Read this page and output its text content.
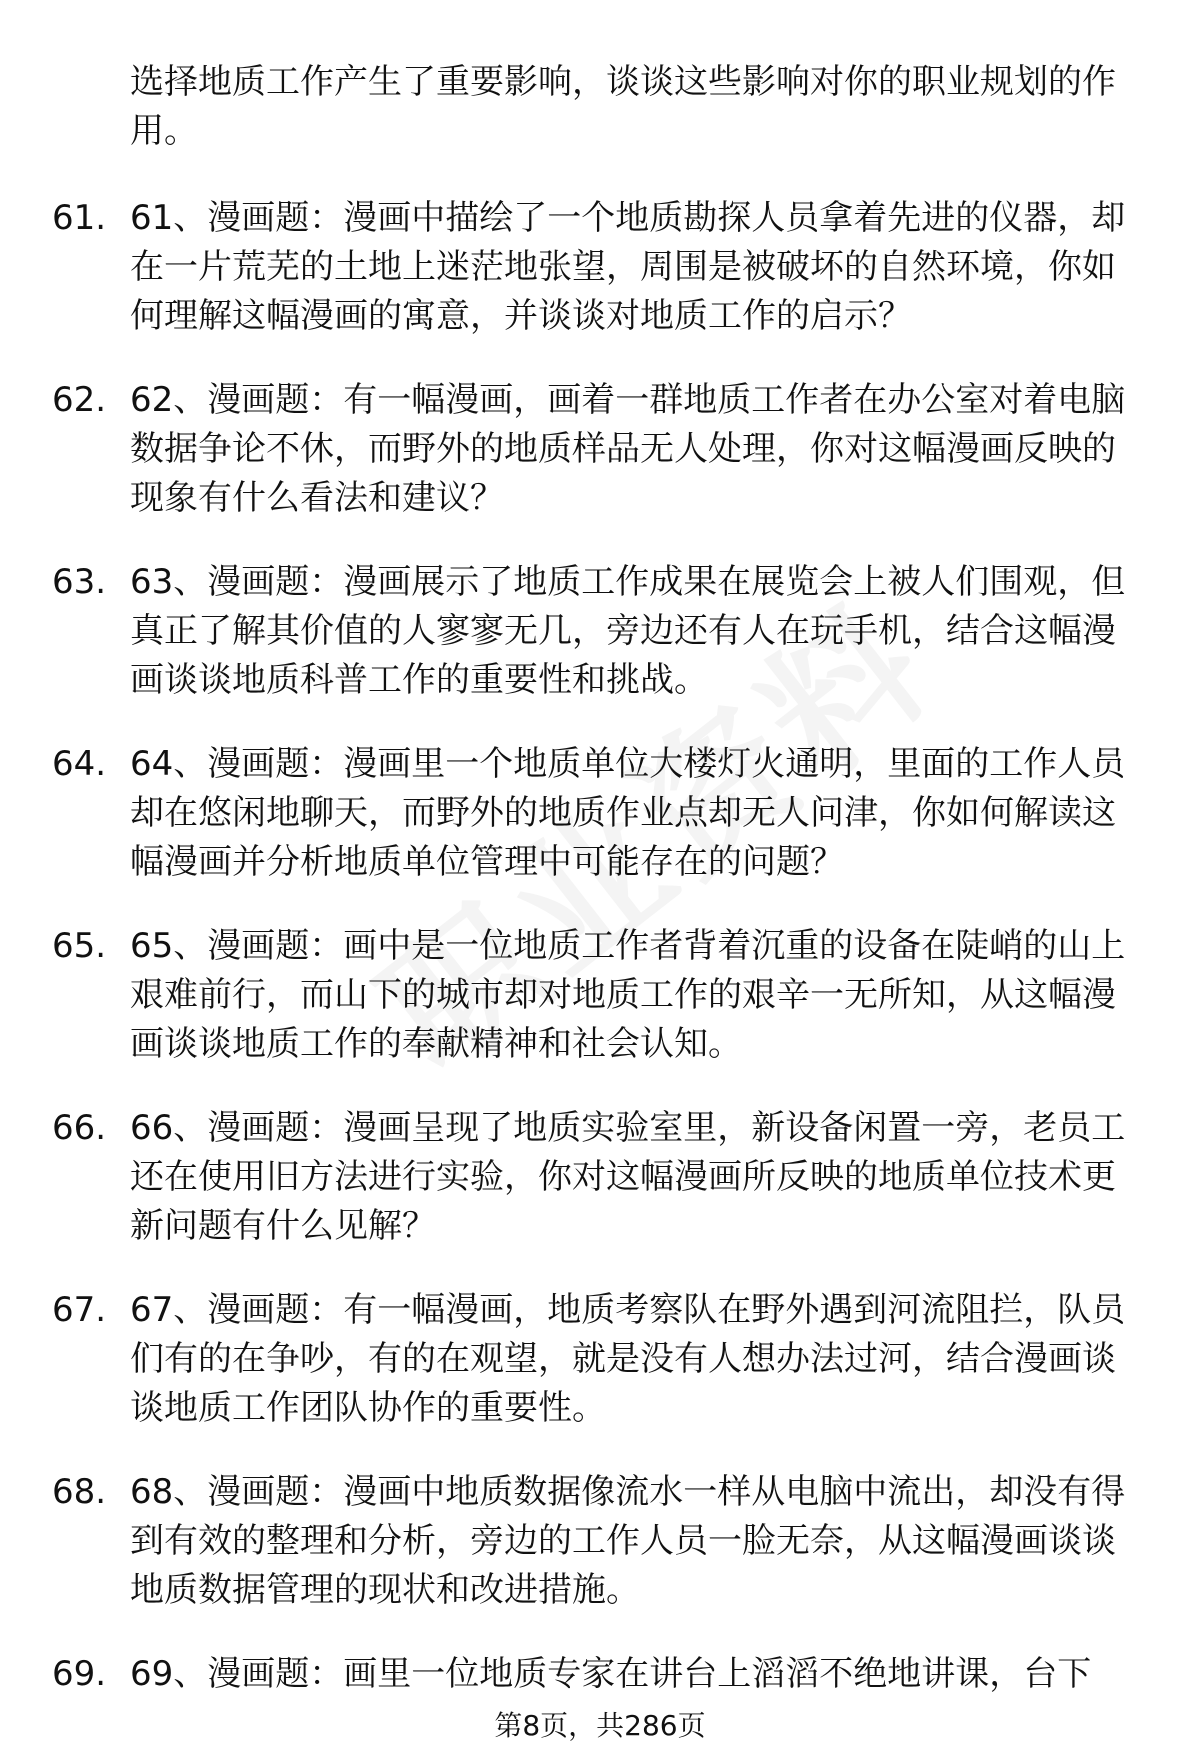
选择地质工作产生了重要影响，谈谈这些影响对你的职业规划的作用。
61. 61、漫画题：漫画中描绘了一个地质勘探人员拿着先进的仪器，却在一片荒芜的土地上迷茫地张望，周围是被破坏的自然环境，你如何理解这幅漫画的寓意，并谈谈对地质工作的启示？
62. 62、漫画题：有一幅漫画，画着一群地质工作者在办公室对着电脑数据争论不休，而野外的地质样品无人处理，你对这幅漫画反映的现象有什么看法和建议？
63. 63、漫画题：漫画展示了地质工作成果在展览会上被人们围观，但真正了解其价值的人寥寥无几，旁边还有人在玩手机，结合这幅漫画谈谈地质科普工作的重要性和挑战。
64. 64、漫画题：漫画里一个地质单位大楼灯火通明，里面的工作人员却在悠闲地聊天，而野外的地质作业点却无人问津，你如何解读这幅漫画并分析地质单位管理中可能存在的问题？
65. 65、漫画题：画中是一位地质工作者背着沉重的设备在陡峭的山上艰难前行，而山下的城市却对地质工作的艰辛一无所知，从这幅漫画谈谈地质工作的奉献精神和社会认知。
66. 66、漫画题：漫画呈现了地质实验室里，新设备闲置一旁，老员工还在使用旧方法进行实验，你对这幅漫画所反映的地质单位技术更新问题有什么见解？
67. 67、漫画题：有一幅漫画，地质考察队在野外遇到河流阻拦，队员们有的在争吵，有的在观望，就是没有人想办法过河，结合漫画谈谈地质工作团队协作的重要性。
68. 68、漫画题：漫画中地质数据像流水一样从电脑中流出，却没有得到有效的整理和分析，旁边的工作人员一脸无奈，从这幅漫画谈谈地质数据管理的现状和改进措施。
69. 69、漫画题：画里一位地质专家在讲台上滔滔不绝地讲课，台下
第8页，共286页
